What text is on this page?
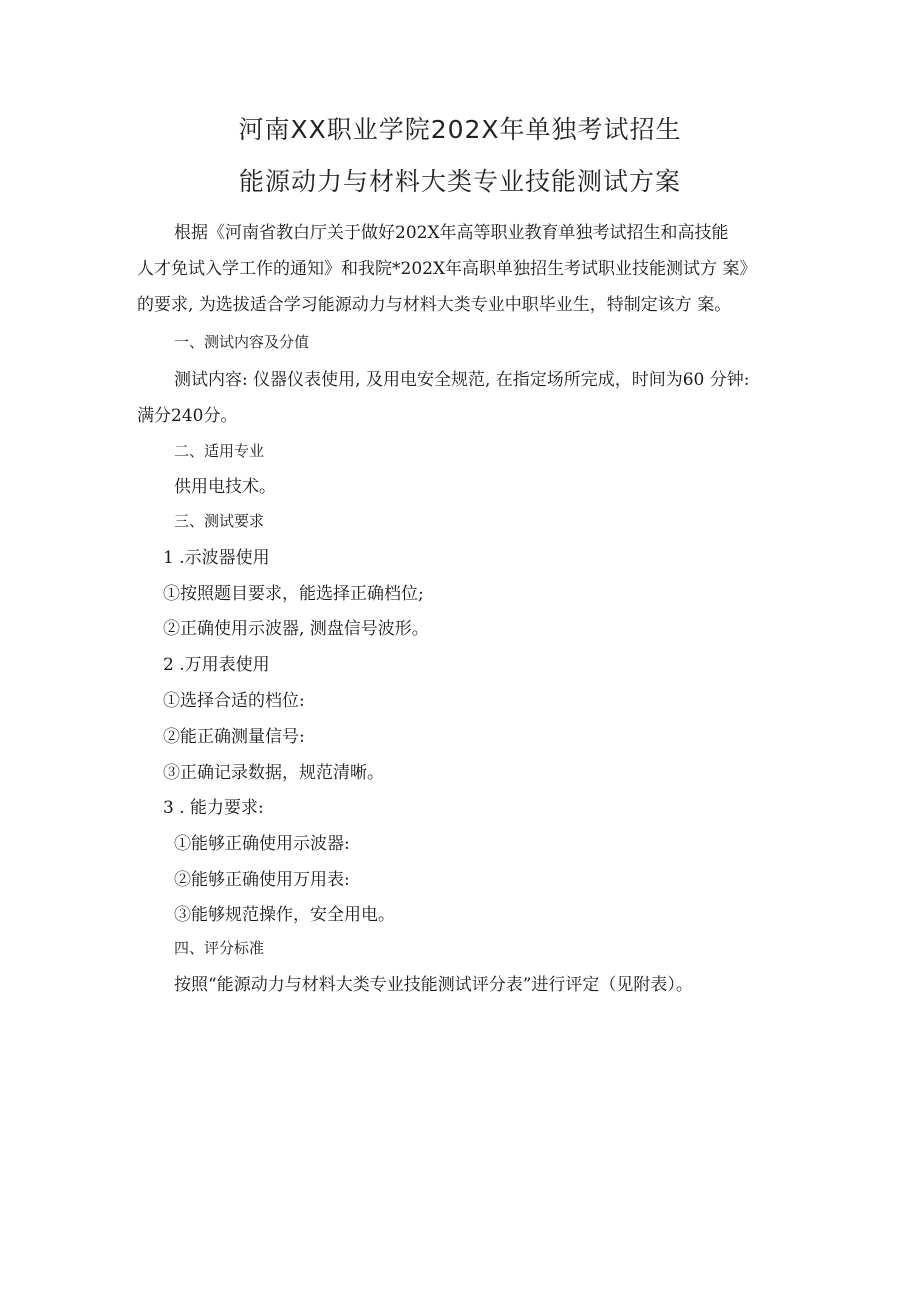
河南XX职业学院202X年单独考试招生
能源动力与材料大类专业技能测试方案
根据《河南省教白厅关于做好202X年高等职业教育单独考试招生和高技能
人才免试入学工作的通知》和我院*202X年高职单独招生考试职业技能测试方 案》
的要求, 为选拔适合学习能源动力与材料大类专业中职毕业生，特制定该方 案。
一、测试内容及分值
测试内容: 仪器仪表使用, 及用电安全规范, 在指定场所完成，时间为60 分钟:
满分240分。
二、适用专业
供用电技术。
三、测试要求
1 .示波器使用
①按照题目要求，能选择正确档位;
②正确使用示波器, 测盘信号波形。
2 .万用表使用
①选择合适的档位:
②能正确测量信号:
③正确记录数据，规范清晰。
3 . 能力要求:
①能够正确使用示波器:
②能够正确使用万用表:
③能够规范操作，安全用电。
四、评分标准
按照“能源动力与材料大类专业技能测试评分表”进行评定（见附表）。
